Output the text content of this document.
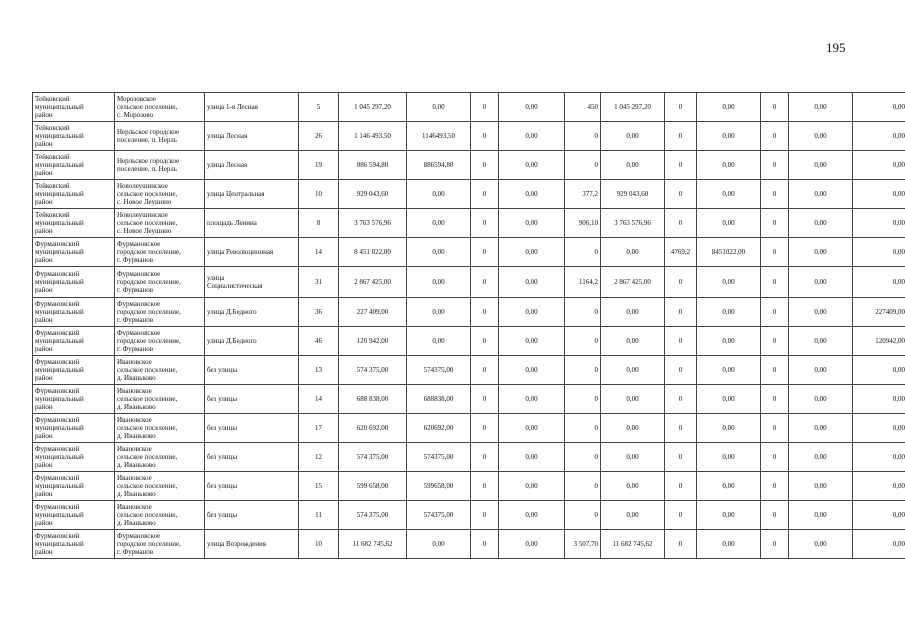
195
Тейковский
муниципальный
район	Морозовское
сельское поселение,
с. Морозово	улица 1-я Лесная	5	1 045 297,20	0,00	0	0,00	450	1 045 297,20	0	0,00	0	0,00	0,00

Тейковский
муниципальный
район	Нерльское городское
поселение, п. Нерль	улица Лесная	26	1 146 493,50	1146493,50	0	0,00	0	0,00	0	0,00	0	0,00	0,00

Тейковский
муниципальный
район	Нерльское городское
поселение, п. Нерль	улица Лесная	19	886 594,80	886594,80	0	0,00	0	0,00	0	0,00	0	0,00	0,00

Тейковский
муниципальный
район	Новолеушинское
сельское поселение,
с. Новое Леушино	улица Центральная	10	929 043,60	0,00	0	0,00	377,2	929 043,60	0	0,00	0	0,00	0,00

Тейковский
муниципальный
район	Новолеушинское
сельское поселение,
с. Новое Леушино	площадь Ленина	8	3 763 576,96	0,00	0	0,00	906,10	3 763 576,96	0	0,00	0	0,00	0,00

Фурмановский
муниципальный
район	Фурмановское
городское поселение,
г. Фурманов	улица Революционная	14	8 451 022,00	0,00	0	0,00	0	0,00	4769,2	8451022,00	0	0,00	0,00

Фурмановский
муниципальный
район	Фурмановское
городское поселение,
г. Фурманов	улица
Социалистическая	31	2 867 425,00	0,00	0	0,00	1164,2	2 867 425,00	0	0,00	0	0,00	0,00

Фурмановский
муниципальный
район	Фурмановское
городское поселение,
г. Фурманов	улица Д.Бедного	36	227 409,00	0,00	0	0,00	0	0,00	0	0,00	0	0,00	227409,00

Фурмановский
муниципальный
район	Фурмановское
городское поселение,
г. Фурманов	улица Д.Бедного	46	120 942,00	0,00	0	0,00	0	0,00	0	0,00	0	0,00	120942,00

Фурмановский
муниципальный
район	Ивановское
сельское поселение,
д. Иваньково	без улицы	13	574 375,00	574375,00	0	0,00	0	0,00	0	0,00	0	0,00	0,00

Фурмановский
муниципальный
район	Ивановское
сельское поселение,
д. Иваньково	без улицы	14	688 838,00	688838,00	0	0,00	0	0,00	0	0,00	0	0,00	0,00

Фурмановский
муниципальный
район	Ивановское
сельское поселение,
д. Иваньково	без улицы	17	620 692,00	620692,00	0	0,00	0	0,00	0	0,00	0	0,00	0,00

Фурмановский
муниципальный
район	Ивановское
сельское поселение,
д. Иваньково	без улицы	12	574 375,00	574375,00	0	0,00	0	0,00	0	0,00	0	0,00	0,00

Фурмановский
муниципальный
район	Ивановское
сельское поселение,
д. Иваньково	без улицы	15	599 658,00	599658,00	0	0,00	0	0,00	0	0,00	0	0,00	0,00

Фурмановский
муниципальный
район	Ивановское
сельское поселение,
д. Иваньково	без улицы	11	574 375,00	574375,00	0	0,00	0	0,00	0	0,00	0	0,00	0,00

Фурмановский
муниципальный
район	Фурмановское
городское поселение,
г. Фурманов	улица Возрождения	10	11 682 745,62	0,00	0	0,00	3 507,70	11 682 745,62	0	0,00	0	0,00	0,00
